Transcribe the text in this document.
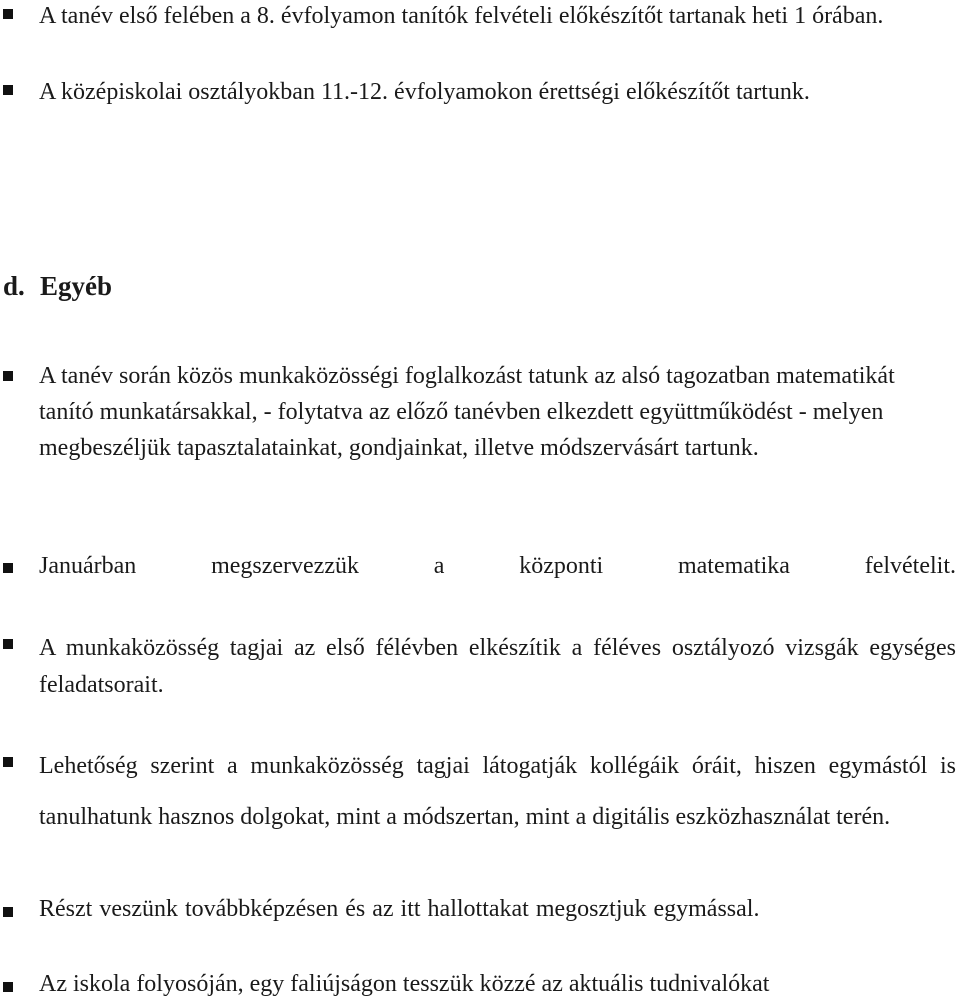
A tanév első felében a 8. évfolyamon tanítók felvételi előkészítőt tartanak heti 1 órában.

A középiskolai osztályokban 11.-12. évfolyamokon érettségi előkészítőt tartunk.

d. Egyéb

A tanév során közös munkaközösségi foglalkozást tatunk az alsó tagozatban matematikát tanító munkatársakkal, - folytatva az előző tanévben elkezdett együttműködést - melyen megbeszéljük tapasztalatainkat, gondjainkat, illetve módszervásárt tartunk.

Januárban megszervezzük a központi matematika felvételit.

A munkaközösség tagjai az első félévben elkészítik a féléves osztályozó vizsgák egységes feladatsorait.

Lehetőség szerint a munkaközösség tagjai látogatják kollégáik óráit, hiszen egymástól is tanulhatunk hasznos dolgokat, mint a módszertan, mint a digitális eszközhasználat terén.

Részt veszünk továbbképzésen és az itt hallottakat megosztjuk egymással.

Az iskola folyosóján, egy faliújságon tesszük közzé az aktuális tudnivalókat
